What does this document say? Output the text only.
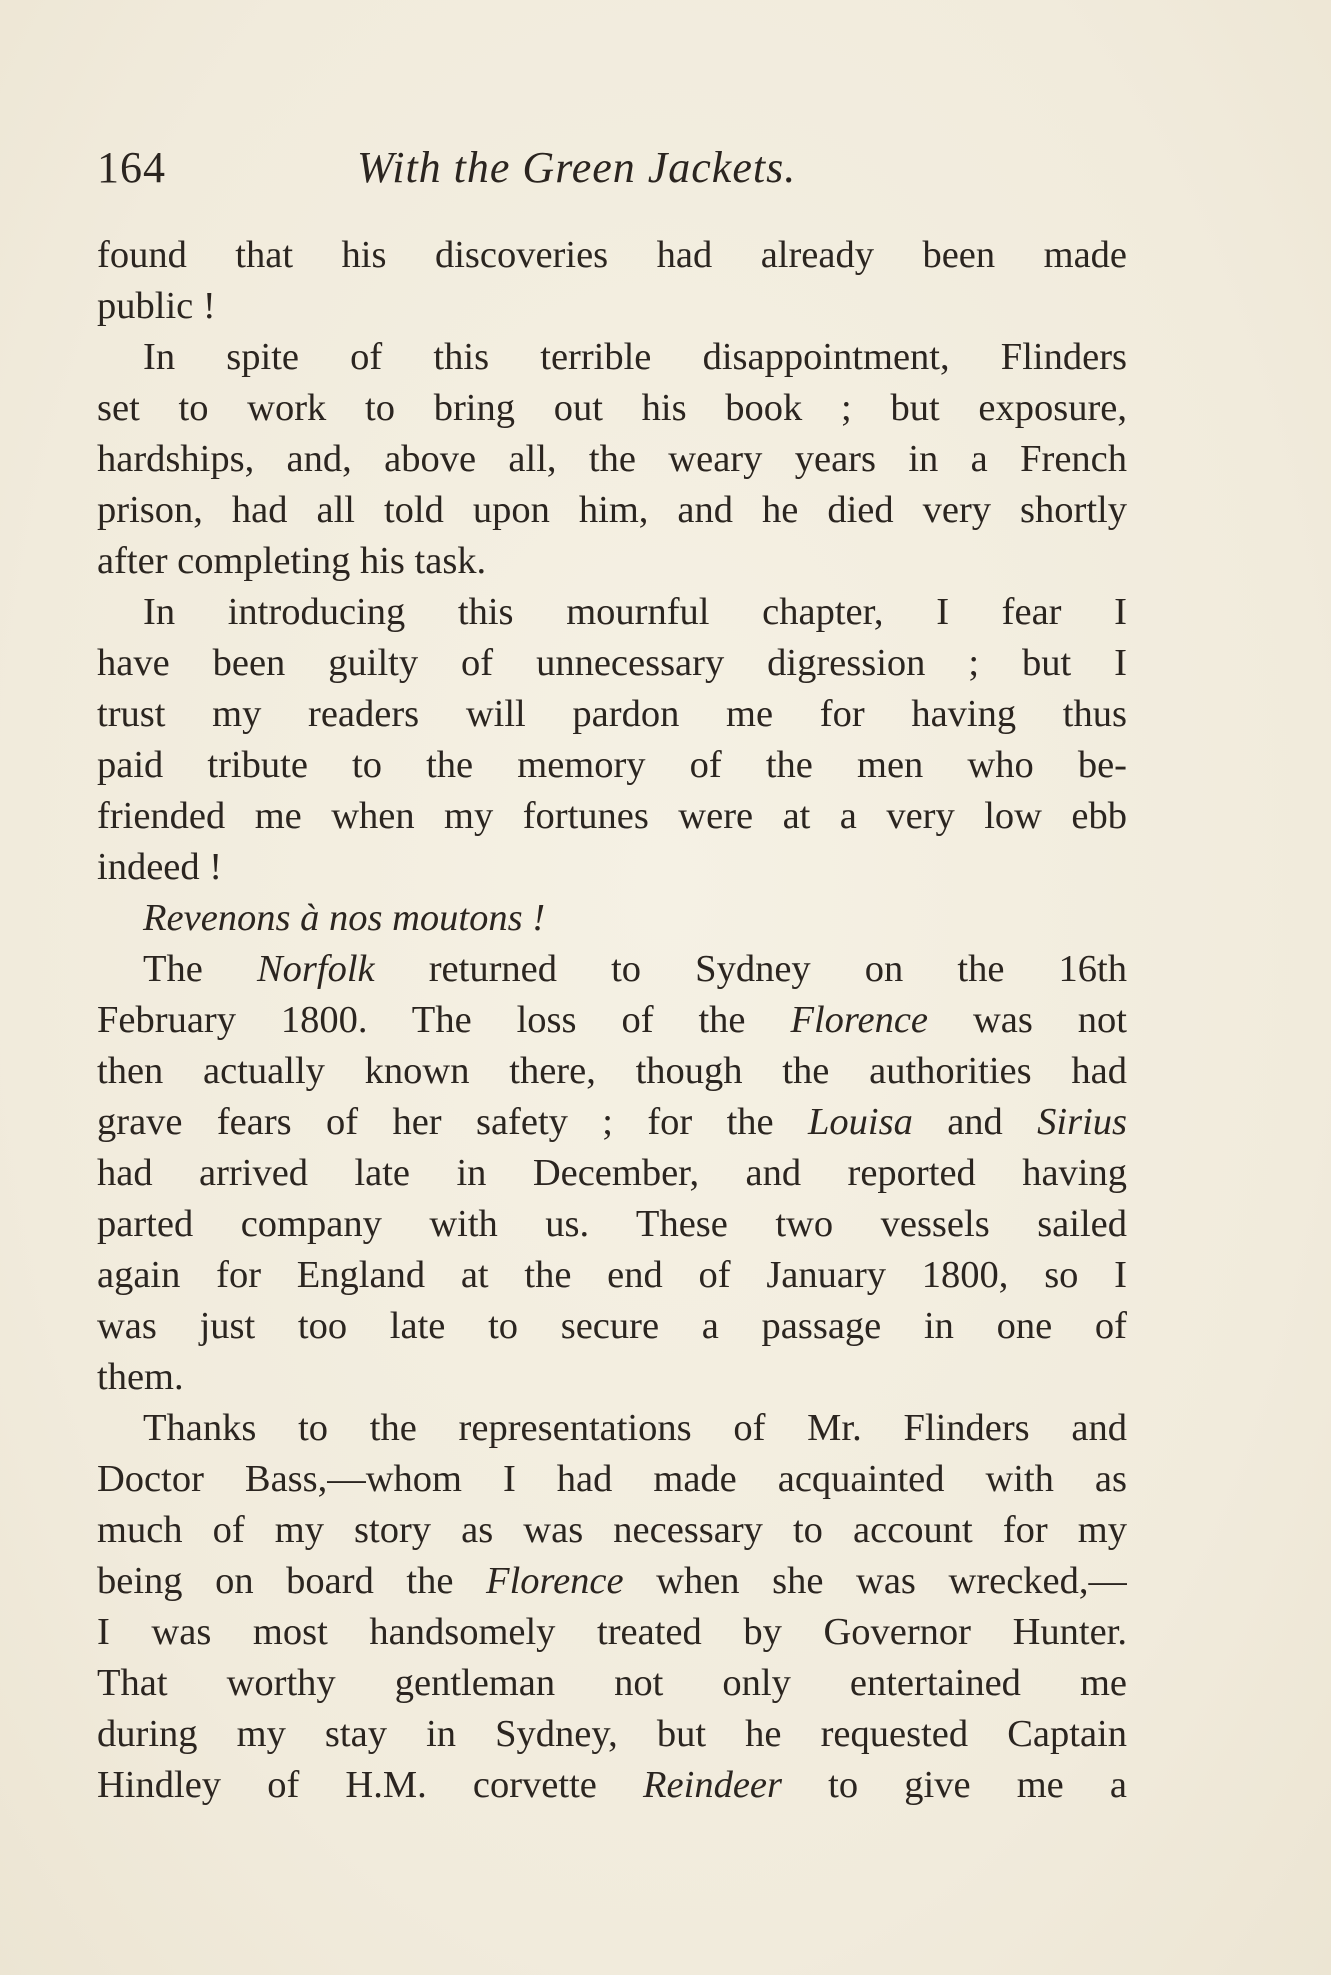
164	With the Green Jackets.
found that his discoveries had already been made
public !
In spite of this terrible disappointment, Flinders
set to work to bring out his book ; but exposure,
hardships, and, above all, the weary years in a French
prison, had all told upon him, and he died very shortly
after completing his task.
In introducing this mournful chapter, I fear I
have been guilty of unnecessary digression ; but I
trust my readers will pardon me for having thus
paid tribute to the memory of the men who be-
friended me when my fortunes were at a very low ebb
indeed !
Revenons à nos moutons !
The Norfolk returned to Sydney on the 16th
February 1800. The loss of the Florence was not
then actually known there, though the authorities had
grave fears of her safety ; for the Louisa and Sirius
had arrived late in December, and reported having
parted company with us. These two vessels sailed
again for England at the end of January 1800, so I
was just too late to secure a passage in one of
them.
Thanks to the representations of Mr. Flinders and
Doctor Bass,—whom I had made acquainted with as
much of my story as was necessary to account for my
being on board the Florence when she was wrecked,—
I was most handsomely treated by Governor Hunter.
That worthy gentleman not only entertained me
during my stay in Sydney, but he requested Captain
Hindley of H.M. corvette Reindeer to give me a
